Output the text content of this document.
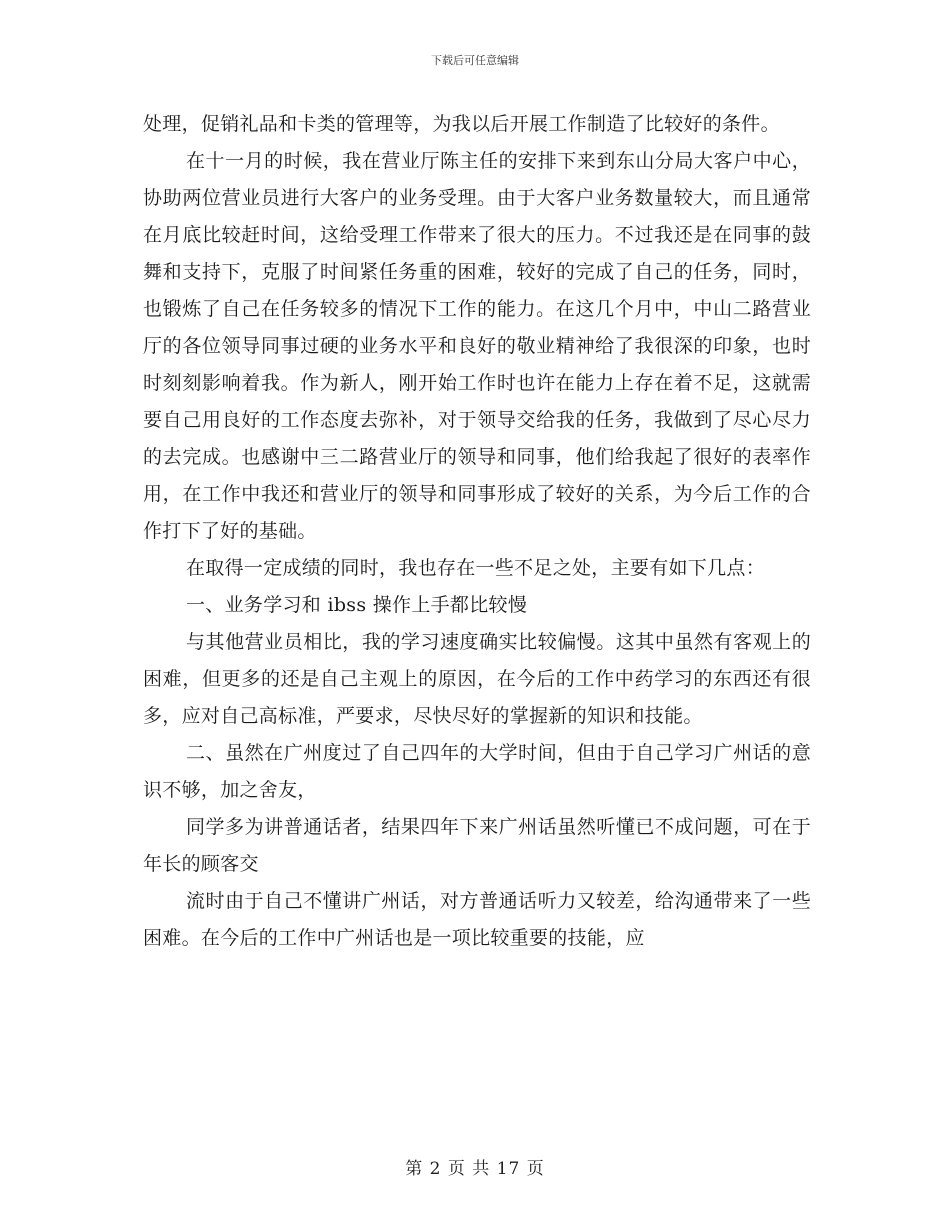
下载后可任意编辑

处理，促销礼品和卡类的管理等，为我以后开展工作制造了比较好的条件。

在十一月的时候，我在营业厅陈主任的安排下来到东山分局大客户中心，协助两位营业员进行大客户的业务受理。由于大客户业务数量较大，而且通常在月底比较赶时间，这给受理工作带来了很大的压力。不过我还是在同事的鼓舞和支持下，克服了时间紧任务重的困难，较好的完成了自己的任务，同时，也锻炼了自己在任务较多的情况下工作的能力。在这几个月中，中山二路营业厅的各位领导同事过硬的业务水平和良好的敬业精神给了我很深的印象，也时时刻刻影响着我。作为新人，刚开始工作时也许在能力上存在着不足，这就需要自己用良好的工作态度去弥补，对于领导交给我的任务，我做到了尽心尽力的去完成。也感谢中三二路营业厅的领导和同事，他们给我起了很好的表率作用，在工作中我还和营业厅的领导和同事形成了较好的关系，为今后工作的合作打下了好的基础。

在取得一定成绩的同时，我也存在一些不足之处，主要有如下几点：

一、业务学习和 ibss 操作上手都比较慢

与其他营业员相比，我的学习速度确实比较偏慢。这其中虽然有客观上的困难，但更多的还是自己主观上的原因，在今后的工作中药学习的东西还有很多，应对自己高标准，严要求，尽快尽好的掌握新的知识和技能。

二、虽然在广州度过了自己四年的大学时间，但由于自己学习广州话的意识不够，加之舍友，

同学多为讲普通话者，结果四年下来广州话虽然听懂已不成问题，可在于年长的顾客交

流时由于自己不懂讲广州话，对方普通话听力又较差，给沟通带来了一些困难。在今后的工作中广州话也是一项比较重要的技能，应

第 2 页 共 17 页
